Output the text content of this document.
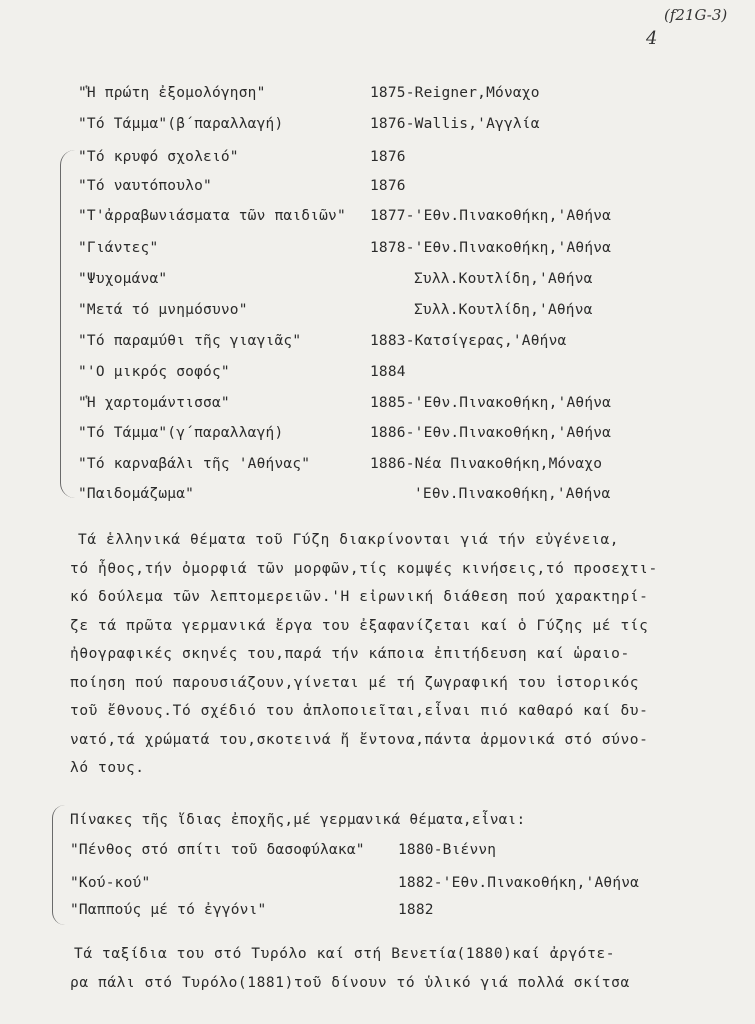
(f21G-3)
4
"Ἡ πρώτη ἐξομολόγηση"	1875-Reigner,Μόναχο
"Τό Τάμμα"(β΄παραλλαγή)	1876-Wallis,'Αγγλία
"Τό κρυφό σχολειό"	1876
"Τό ναυτόπουλο"	1876
"Τ'ἀρραβωνιάσματα τῶν παιδιῶν" 1877-'Εθν.Πινακοθήκη,'Αθήνα
"Γιάντες"	1878-'Εθν.Πινακοθήκη,'Αθήνα
"Ψυχομάνα"	Συλλ.Κουτλίδη,'Αθήνα
"Μετά τό μνημόσυνο"	Συλλ.Κουτλίδη,'Αθήνα
"Τό παραμύθι τῆς γιαγιᾶς"	1883-Κατσίγερας,'Αθήνα
"'Ο μικρός σοφός"	1884
"Ἡ χαρτομάντισσα"	1885-'Εθν.Πινακοθήκη,'Αθήνα
"Τό Τάμμα"(γ΄παραλλαγή)	1886-'Εθν.Πινακοθήκη,'Αθήνα
"Τό καρναβάλι τῆς 'Αθήνας"	1886-Νέα Πινακοθήκη,Μόναχο
"Παιδομάζωμα"	'Εθν.Πινακοθήκη,'Αθήνα
Τά ἑλληνικά θέματα τοῦ Γύζη διακρίνονται γιά τήν εὐγένεια,
τό ἦθος,τήν ὀμορφιά τῶν μορφῶν,τίς κομψές κινήσεις,τό προσεχτι-
κό δούλεμα τῶν λεπτομερειῶν.'Η εἰρωνική διάθεση πού χαρακτηρί-
ζε τά πρῶτα γερμανικά ἔργα του ἐξαφανίζεται καί ὁ Γύζης μέ τίς
ἠθογραφικές σκηνές του,παρά τήν κάποια ἐπιτήδευση καί ὡραιο-
ποίηση πού παρουσιάζουν,γίνεται μέ τή ζωγραφική του ἱστορικός
τοῦ ἔθνους.Τό σχέδιό του ἁπλοποιεῖται,εἶναι πιό καθαρό καί δυ-
νατό,τά χρώματά του,σκοτεινά ἤ ἔντονα,πάντα ἁρμονικά στό σύνο-
λό τους.
Πίνακες τῆς ἴδιας ἐποχῆς,μέ γερμανικά θέματα,εἶναι:
"Πένθος στό σπίτι τοῦ δασοφύλακα" 1880-Βιέννη
"Κού-κού"	1882-'Εθν.Πινακοθήκη,'Αθήνα
"Παππούς μέ τό ἐγγόνι"	1882
Τά ταξίδια του στό Τυρόλο καί στή Βενετία(1880)καί ἀργότε-
ρα πάλι στό Τυρόλο(1881)τοῦ δίνουν τό ὑλικό γιά πολλά σκίτσα
